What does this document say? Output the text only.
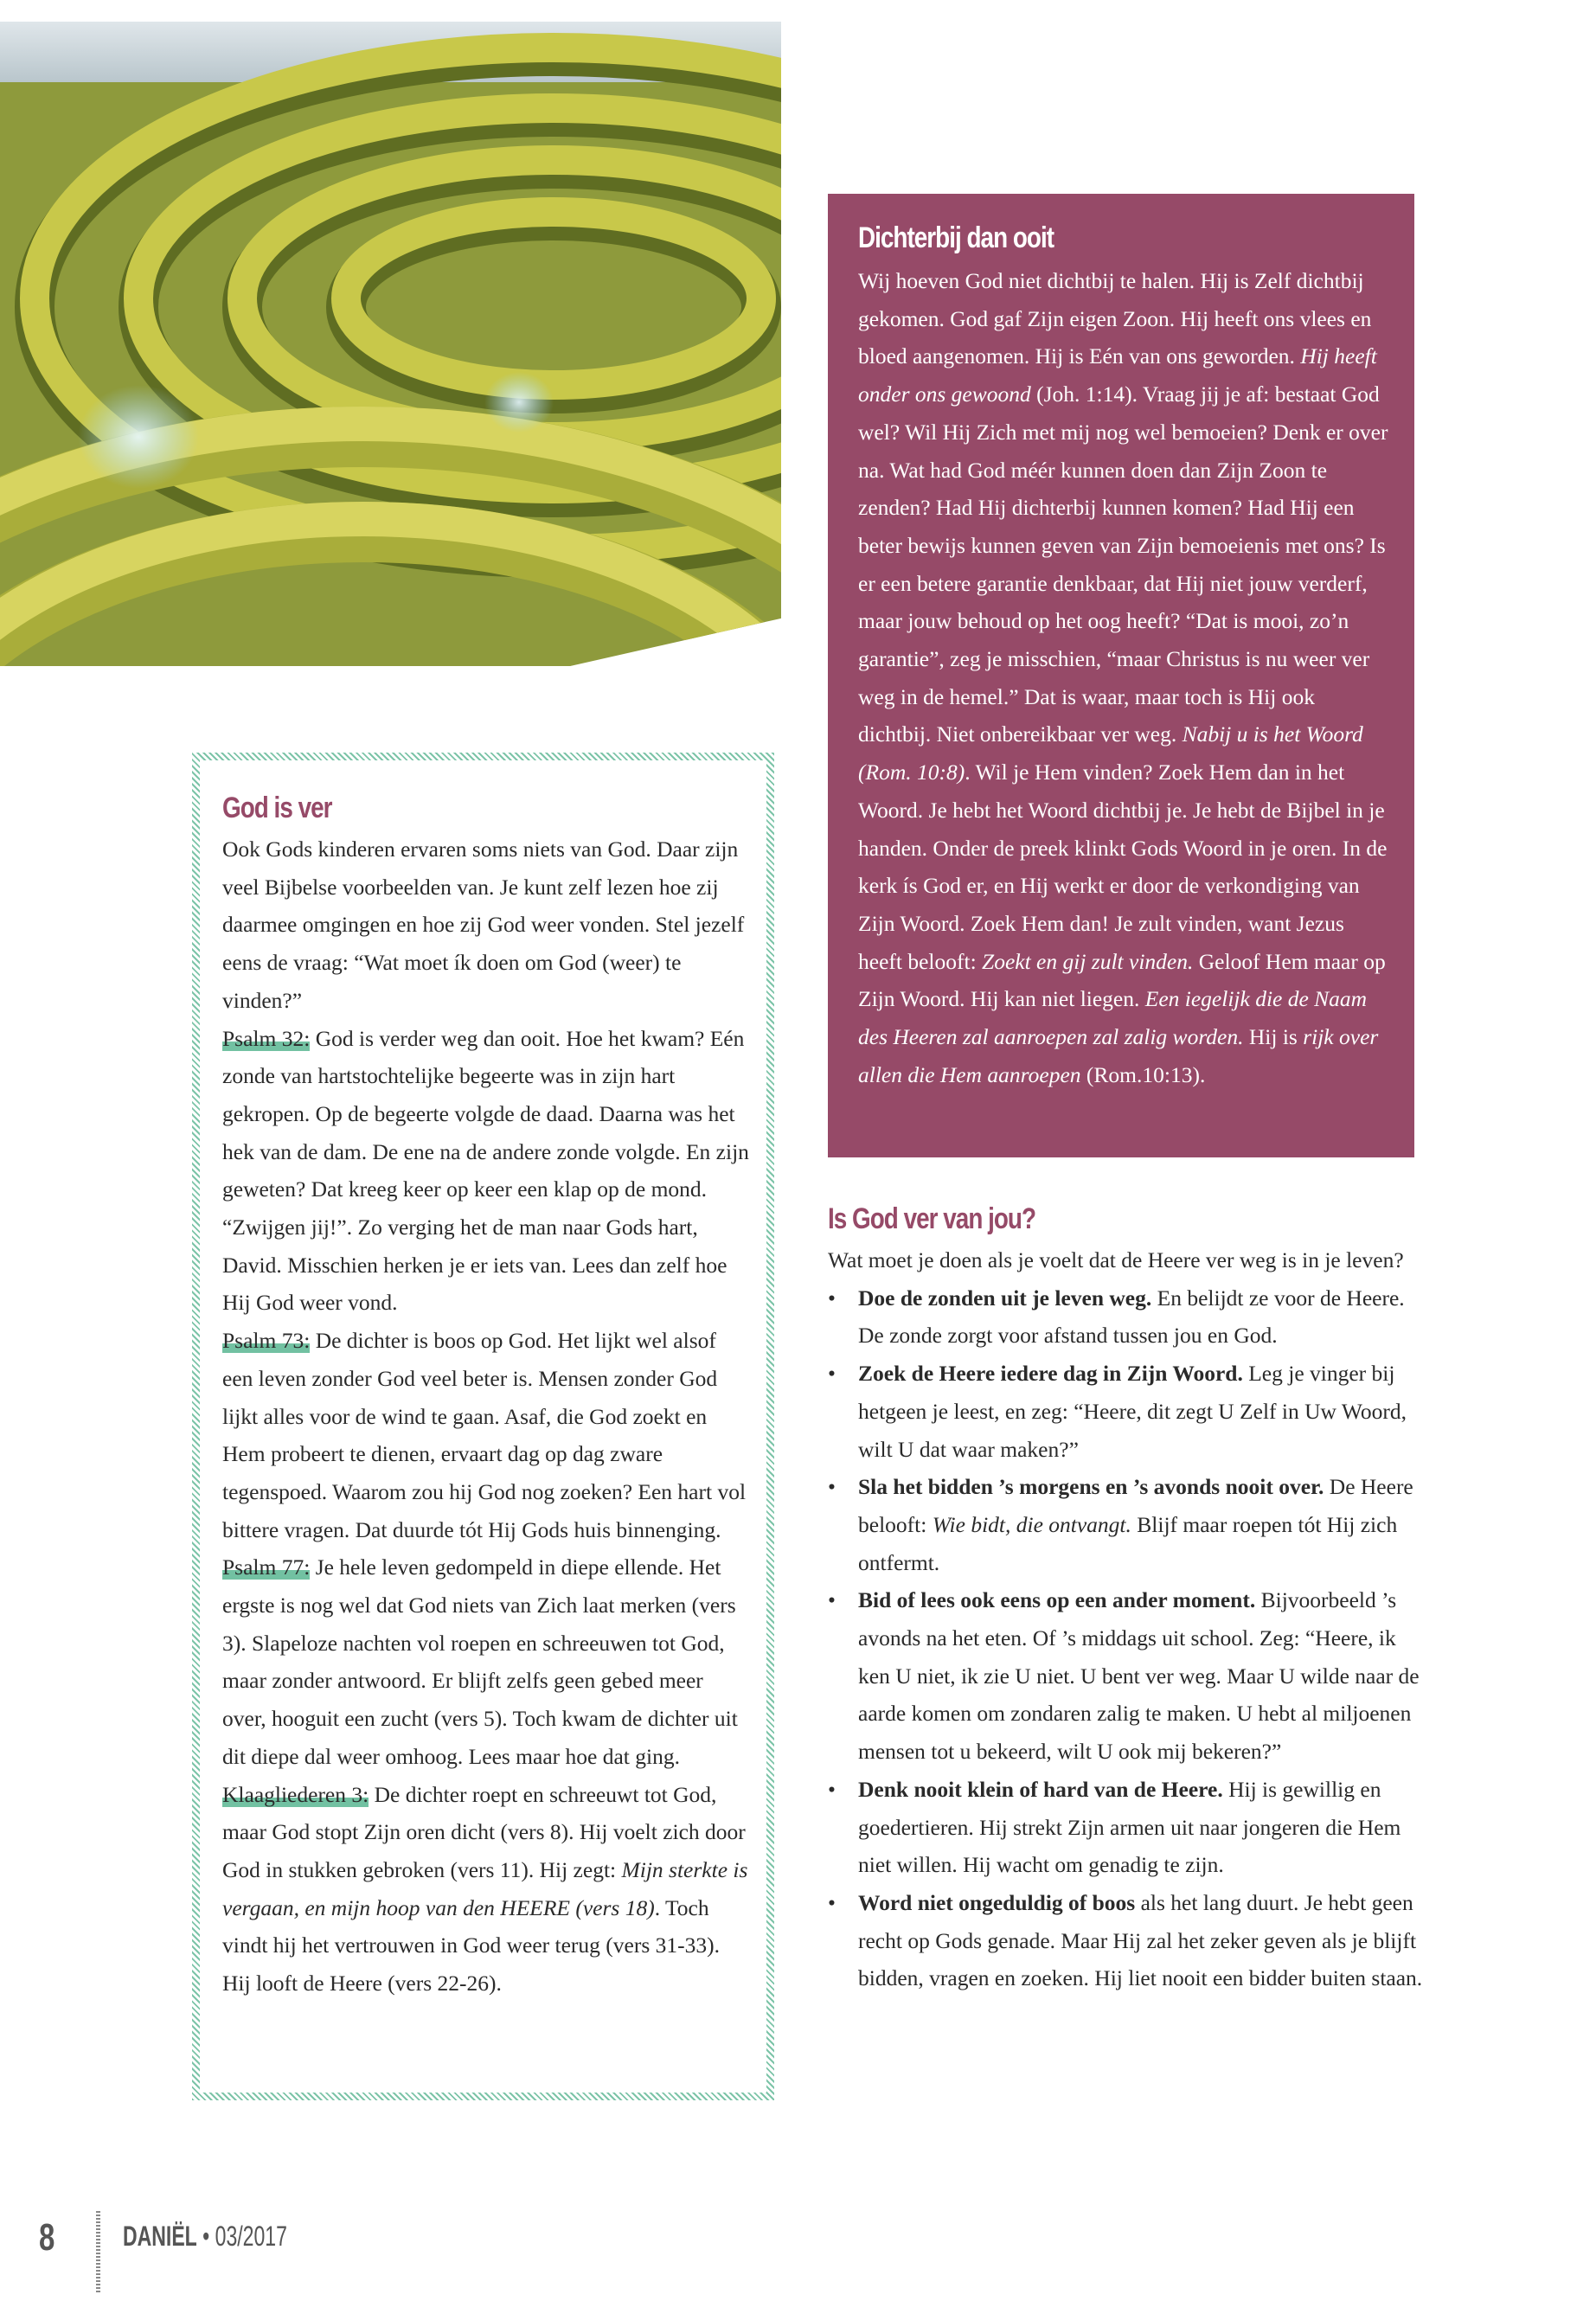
God is ver

Ook Gods kinderen ervaren soms niets van God. Daar zijn veel Bijbelse voorbeelden van. Je kunt zelf lezen hoe zij daarmee omgingen en hoe zij God weer vonden. Stel jezelf eens de vraag: “Wat moet ík doen om God (weer) te vinden?”

Psalm 32: God is verder weg dan ooit. Hoe het kwam? Eén zonde van hartstochtelijke begeerte was in zijn hart gekropen. Op de begeerte volgde de daad. Daarna was het hek van de dam. De ene na de andere zonde volgde. En zijn geweten? Dat kreeg keer op keer een klap op de mond. “Zwijgen jij!”. Zo verging het de man naar Gods hart, David. Misschien herken je er iets van. Lees dan zelf hoe Hij God weer vond.

Psalm 73: De dichter is boos op God. Het lijkt wel alsof een leven zonder God veel beter is. Mensen zonder God lijkt alles voor de wind te gaan. Asaf, die God zoekt en Hem probeert te dienen, ervaart dag op dag zware tegenspoed. Waarom zou hij God nog zoeken? Een hart vol bittere vragen. Dat duurde tót Hij Gods huis binnenging.

Psalm 77: Je hele leven gedompeld in diepe ellende. Het ergste is nog wel dat God niets van Zich laat merken (vers 3). Slapeloze nachten vol roepen en schreeuwen tot God, maar zonder antwoord. Er blijft zelfs geen gebed meer over, hooguit een zucht (vers 5). Toch kwam de dichter uit dit diepe dal weer omhoog. Lees maar hoe dat ging.

Klaagliederen 3: De dichter roept en schreeuwt tot God, maar God stopt Zijn oren dicht (vers 8). Hij voelt zich door God in stukken gebroken (vers 11). Hij zegt: Mijn sterkte is vergaan, en mijn hoop van den HEERE (vers 18). Toch vindt hij het vertrouwen in God weer terug (vers 31-33). Hij looft de Heere (vers 22-26).

Dichterbij dan ooit

Wij hoeven God niet dichtbij te halen. Hij is Zelf dichtbij gekomen. God gaf Zijn eigen Zoon. Hij heeft ons vlees en bloed aangenomen. Hij is Eén van ons geworden. Hij heeft onder ons gewoond (Joh. 1:14). Vraag jij je af: bestaat God wel? Wil Hij Zich met mij nog wel bemoeien? Denk er over na. Wat had God méér kunnen doen dan Zijn Zoon te zenden? Had Hij dichterbij kunnen komen? Had Hij een beter bewijs kunnen geven van Zijn bemoeienis met ons? Is er een betere garantie denkbaar, dat Hij niet jouw verderf, maar jouw behoud op het oog heeft? “Dat is mooi, zo’n garantie”, zeg je misschien, “maar Christus is nu weer ver weg in de hemel.” Dat is waar, maar toch is Hij ook dichtbij. Niet onbereikbaar ver weg. Nabij u is het Woord (Rom. 10:8). Wil je Hem vinden? Zoek Hem dan in het Woord. Je hebt het Woord dichtbij je. Je hebt de Bijbel in je handen. Onder de preek klinkt Gods Woord in je oren. In de kerk ís God er, en Hij werkt er door de verkondiging van Zijn Woord. Zoek Hem dan! Je zult vinden, want Jezus heeft belooft: Zoekt en gij zult vinden. Geloof Hem maar op Zijn Woord. Hij kan niet liegen. Een iegelijk die de Naam des Heeren zal aanroepen zal zalig worden. Hij is rijk over allen die Hem aanroepen (Rom.10:13).

Is God ver van jou?

Wat moet je doen als je voelt dat de Heere ver weg is in je leven?

• Doe de zonden uit je leven weg. En belijdt ze voor de Heere. De zonde zorgt voor afstand tussen jou en God.
• Zoek de Heere iedere dag in Zijn Woord. Leg je vinger bij hetgeen je leest, en zeg: “Heere, dit zegt U Zelf in Uw Woord, wilt U dat waar maken?”
• Sla het bidden ’s morgens en ’s avonds nooit over. De Heere belooft: Wie bidt, die ontvangt. Blijf maar roepen tót Hij zich ontfermt.
• Bid of lees ook eens op een ander moment. Bijvoorbeeld ’s avonds na het eten. Of ’s middags uit school. Zeg: “Heere, ik ken U niet, ik zie U niet. U bent ver weg. Maar U wilde naar de aarde komen om zondaren zalig te maken. U hebt al miljoenen mensen tot u bekeerd, wilt U ook mij bekeren?”
• Denk nooit klein of hard van de Heere. Hij is gewillig en goedertieren. Hij strekt Zijn armen uit naar jongeren die Hem niet willen. Hij wacht om genadig te zijn.
• Word niet ongeduldig of boos als het lang duurt. Je hebt geen recht op Gods genade. Maar Hij zal het zeker geven als je blijft bidden, vragen en zoeken. Hij liet nooit een bidder buiten staan.
8 DANIËL • 03/2017
